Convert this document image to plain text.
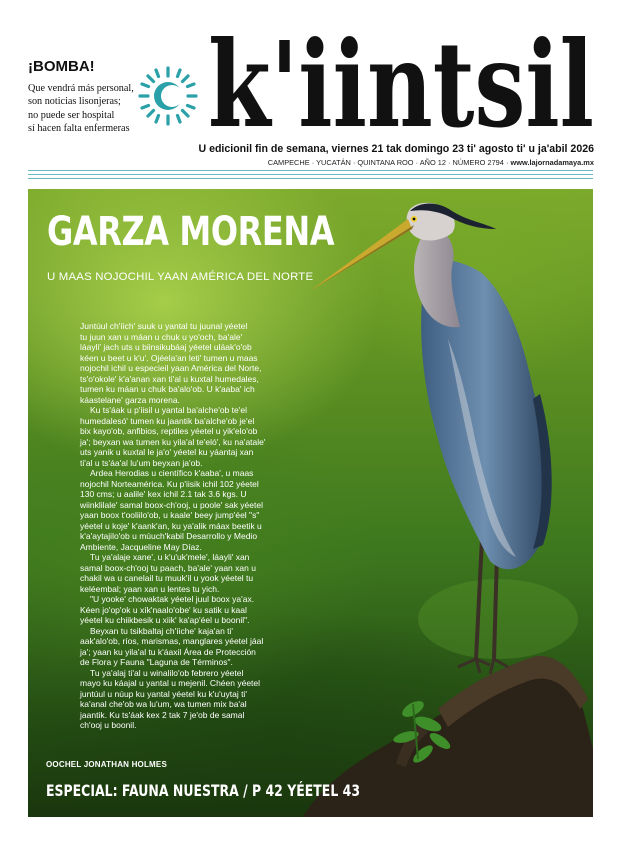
¡BOMBA!
Que vendrá más personal,
son noticias lisonjeras;
no puede ser hospital
sí hacen falta enfermeras k'iintsil
U edicionil fin de semana, viernes 21 tak domingo 23 ti' agosto ti' u ja'abil 2026
CAMPECHE · YUCATÁN · QUINTANA ROO · AÑO 12 · NÚMERO 2794 · www.lajornadamaya.mx
GARZA MORENA
U MAAS NOJOCHIL YAAN AMÉRICA DEL NORTE

Juntúul ch'íich' suuk u yantal tu juunal yéetel
tu juun xan u máan u chuk u yo'och, ba'ale'
láayli' jach uts u biinsikubáaj yéetel uláak'o'ob
kéen u beet u k'u'. Ojéela'an leti' tumen u maas
nojochil ichil u especieil yaan América del Norte,
ts'o'okole' k'a'anan xan ti'al u kuxtal humedales,
tumen ku máan u chuk ba'alo'ob. U k'aaba' ich
káastelane' garza morena.

Ku ts'áak u p'iisil u yantal ba'alche'ob te'el
humedalesó' tumen ku jaantik ba'alche'ob je'el
bix kayo'ob, anfibios, reptiles yéetel u yik'elo'ob
ja'; beyxan wa tumen ku yila'al te'eló', ku na'atale'
uts yanik u kuxtal le ja'o' yéetel ku yáantaj xan
ti'al u ts'áa'al lu'um beyxan ja'ob.

Ardea Herodias u científico k'aaba', u maas
nojochil Norteamérica. Ku p'iisik ichil 102 yéetel
130 cms; u aalile' kex ichil 2.1 tak 3.6 kgs. U
wiinklilale' samal boox-ch'ooj, u poole' sak yéetel
yaan boox t'ooliilo'ob, u kaale' beey jump'éel "s"
yéetel u koje' k'aank'an, ku ya'alik máax beetik u
k'a'aytajilo'ob u múuch'kabil Desarrollo y Medio
Ambiente, Jacqueline May Díaz.

Tu ya'alaje xane', u k'u'uk'mele', láayli' xan
samal boox-ch'ooj tu paach, ba'ale' yaan xan u
chakil wa u canelail tu muuk'il u yook yéetel tu
keléembal; yaan xan u lentes tu yich.

"U yooke' chowaktak yéetel juul boox ya'ax.
Kéen jo'op'ok u xík'naalo'obe' ku satik u kaal
yéetel ku chiikbesik u xiik' ka'ap'éel u boonil".

Beyxan tu tsikbaltaj ch'íiche' kaja'an ti'
aak'alo'ob, ríos, marismas, manglares yéetel jáal
ja'; yaan ku yila'al tu k'áaxil Área de Protección
de Flora y Fauna "Laguna de Términos".

Tu ya'alaj ti'al u winalilo'ob febrero yéetel
mayo ku káajal u yantal u mejenil. Chéen yéetel
juntúul u núup ku yantal yéetel ku k'u'uytaj ti'
ka'anal che'ob wa lu'um, wa tumen mix ba'al
jaantik. Ku ts'áak kex 2 tak 7 je'ob de samal
ch'ooj u boonil.

OOCHEL JONATHAN HOLMES
ESPECIAL: FAUNA NUESTRA / P 42 YÉETEL 43
